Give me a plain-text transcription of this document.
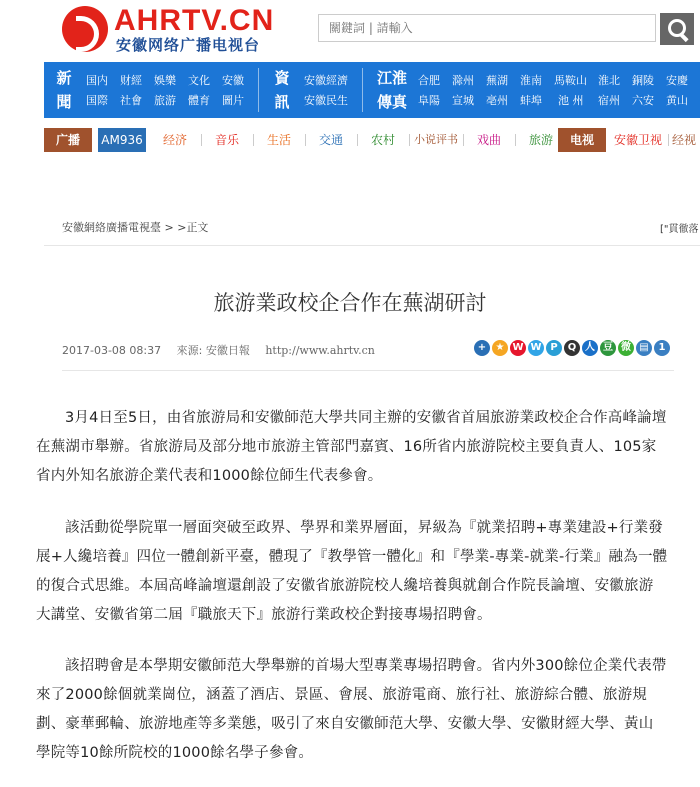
AHRTV.CN
安徽网络广播电视台
關鍵詞 | 請輸入
新聞
国内 财經 娛樂 文化 安徽
国際 社會 旅游 體育 圖片
資訊
安徽經濟
安徽民生
江淮傳真
合肥 滁州 蕪湖 淮南 馬鞍山 淮北 銅陵 安慶
阜陽 宣城 亳州 蚌埠 池 州 宿州 六安 黄山
广播	AM936	经济	音乐	生活	交通	农村	小说评书	戏曲	旅游	电视	安徽卫视 经视
安徽網絡廣播電視臺 > >正文	["貫徹落
旅游業政校企合作在蕪湖研討
2017-03-08 08:37 來源: 安徽日報 http://www.ahrtv.cn	+ ★ W W P	Q 人 豆 微 ▤ 1

3月4日至5日，由省旅游局和安徽師范大學共同主辦的安徽省首屆旅游業政校企合作高峰論壇在蕪湖市舉辦。省旅游局及部分地市旅游主管部門嘉賓、16所省内旅游院校主要負責人、105家省内外知名旅游企業代表和1000餘位師生代表參會。

該活動從學院單一層面突破至政界、學界和業界層面，昇級為『就業招聘+專業建設+行業發展+人纔培養』四位一體創新平臺，體現了『教學管一體化』和『學業-專業-就業-行業』融為一體的復合式思維。本屆高峰論壇還創設了安徽省旅游院校人纔培養與就創合作院長論壇、安徽旅游大講堂、安徽省第二屆『職旅天下』旅游行業政校企對接專場招聘會。

該招聘會是本學期安徽師范大學舉辦的首場大型專業專場招聘會。省内外300餘位企業代表帶來了2000餘個就業崗位，涵蓋了酒店、景區、會展、旅游電商、旅行社、旅游綜合體、旅游規劃、豪華郵輪、旅游地產等多業態，吸引了來自安徽師范大學、安徽大學、安徽財經大學、黃山學院等10餘所院校的1000餘名學子參會。
